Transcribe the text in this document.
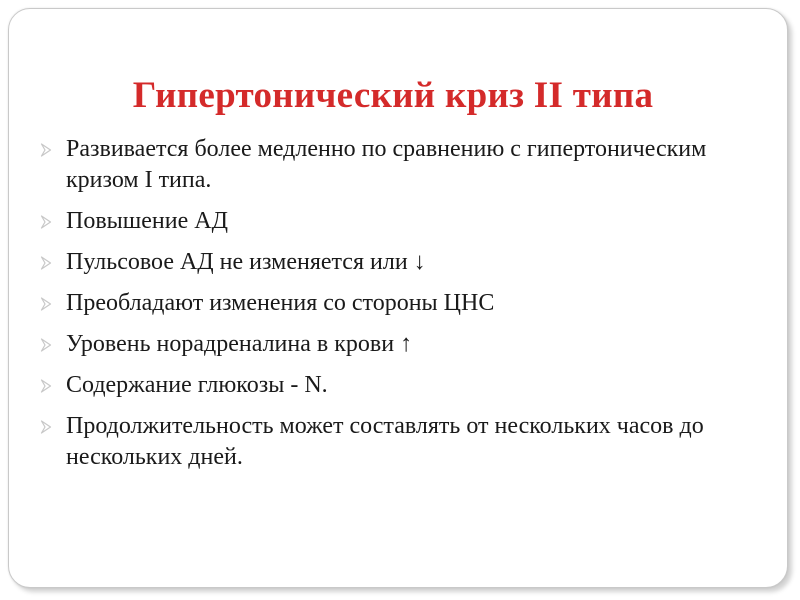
Гипертонический криз II типа
Развивается более медленно по сравнению с гипертоническим кризом I типа.
Повышение АД
Пульсовое АД не изменяется или ↓
Преобладают изменения со стороны ЦНС
Уровень норадреналина в крови ↑
Содержание глюкозы - N.
Продолжительность может составлять от нескольких часов до нескольких дней.
